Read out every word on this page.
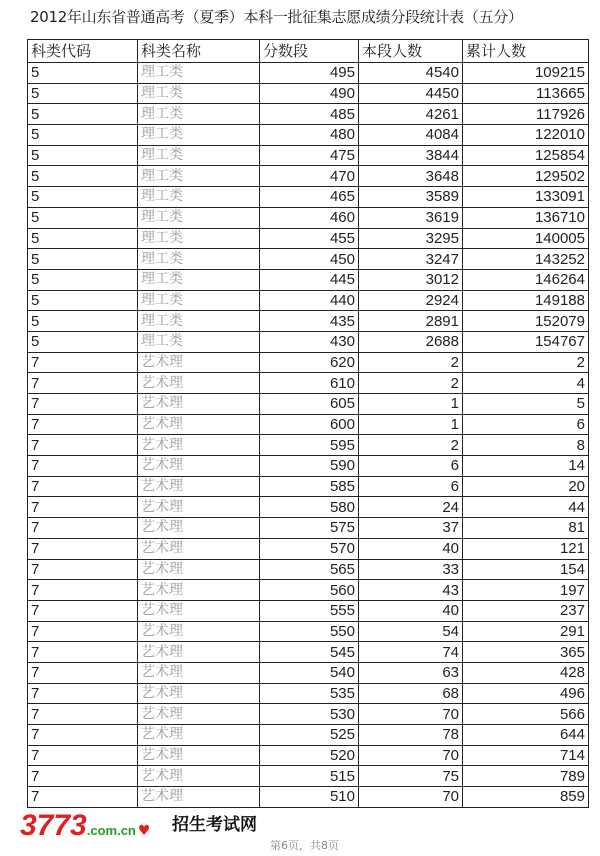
2012年山东省普通高考（夏季）本科一批征集志愿成绩分段统计表（五分）
科类代码	科类名称	分数段	本段人数	累计人数
5	理工类	495	4540	109215
5	理工类	490	4450	113665
5	理工类	485	4261	117926
5	理工类	480	4084	122010
5	理工类	475	3844	125854
5	理工类	470	3648	129502
5	理工类	465	3589	133091
5	理工类	460	3619	136710
5	理工类	455	3295	140005
5	理工类	450	3247	143252
5	理工类	445	3012	146264
5	理工类	440	2924	149188
5	理工类	435	2891	152079
5	理工类	430	2688	154767
7	艺术理	620	2	2
7	艺术理	610	2	4
7	艺术理	605	1	5
7	艺术理	600	1	6
7	艺术理	595	2	8
7	艺术理	590	6	14
7	艺术理	585	6	20
7	艺术理	580	24	44
7	艺术理	575	37	81
7	艺术理	570	40	121
7	艺术理	565	33	154
7	艺术理	560	43	197
7	艺术理	555	40	237
7	艺术理	550	54	291
7	艺术理	545	74	365
7	艺术理	540	63	428
7	艺术理	535	68	496
7	艺术理	530	70	566
7	艺术理	525	78	644
7	艺术理	520	70	714
7	艺术理	515	75	789
7	艺术理	510	70	859
3773.com.cn ♥ 招生考试网
第6页，共8页
